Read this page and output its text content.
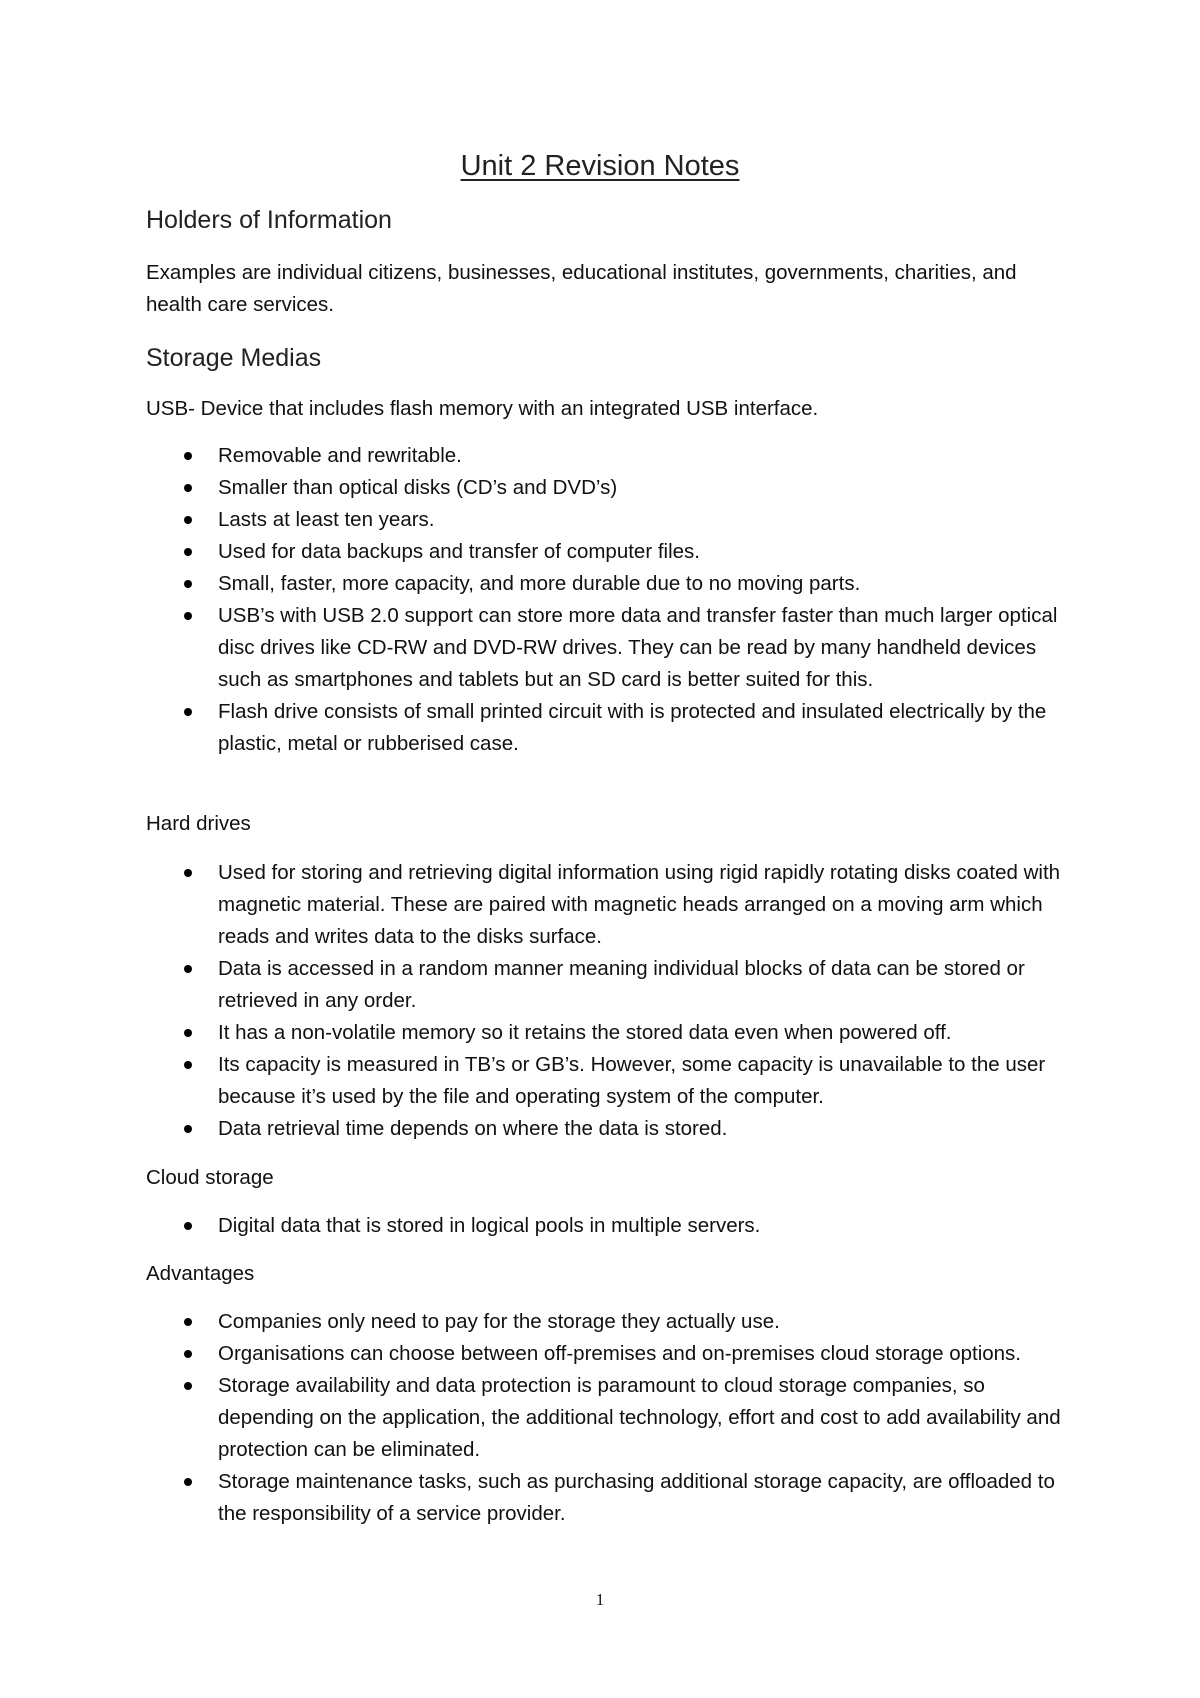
Unit 2 Revision Notes
Holders of Information
Examples are individual citizens, businesses, educational institutes, governments, charities, and health care services.
Storage Medias
USB- Device that includes flash memory with an integrated USB interface.
Removable and rewritable.
Smaller than optical disks (CD’s and DVD’s)
Lasts at least ten years.
Used for data backups and transfer of computer files.
Small, faster, more capacity, and more durable due to no moving parts.
USB’s with USB 2.0 support can store more data and transfer faster than much larger optical disc drives like CD-RW and DVD-RW drives. They can be read by many handheld devices such as smartphones and tablets but an SD card is better suited for this.
Flash drive consists of small printed circuit with is protected and insulated electrically by the plastic, metal or rubberised case.
Hard drives
Used for storing and retrieving digital information using rigid rapidly rotating disks coated with magnetic material. These are paired with magnetic heads arranged on a moving arm which reads and writes data to the disks surface.
Data is accessed in a random manner meaning individual blocks of data can be stored or retrieved in any order.
It has a non-volatile memory so it retains the stored data even when powered off.
Its capacity is measured in TB’s or GB’s. However, some capacity is unavailable to the user because it’s used by the file and operating system of the computer.
Data retrieval time depends on where the data is stored.
Cloud storage
Digital data that is stored in logical pools in multiple servers.
Advantages
Companies only need to pay for the storage they actually use.
Organisations can choose between off-premises and on-premises cloud storage options.
Storage availability and data protection is paramount to cloud storage companies, so depending on the application, the additional technology, effort and cost to add availability and protection can be eliminated.
Storage maintenance tasks, such as purchasing additional storage capacity, are offloaded to the responsibility of a service provider.
1
